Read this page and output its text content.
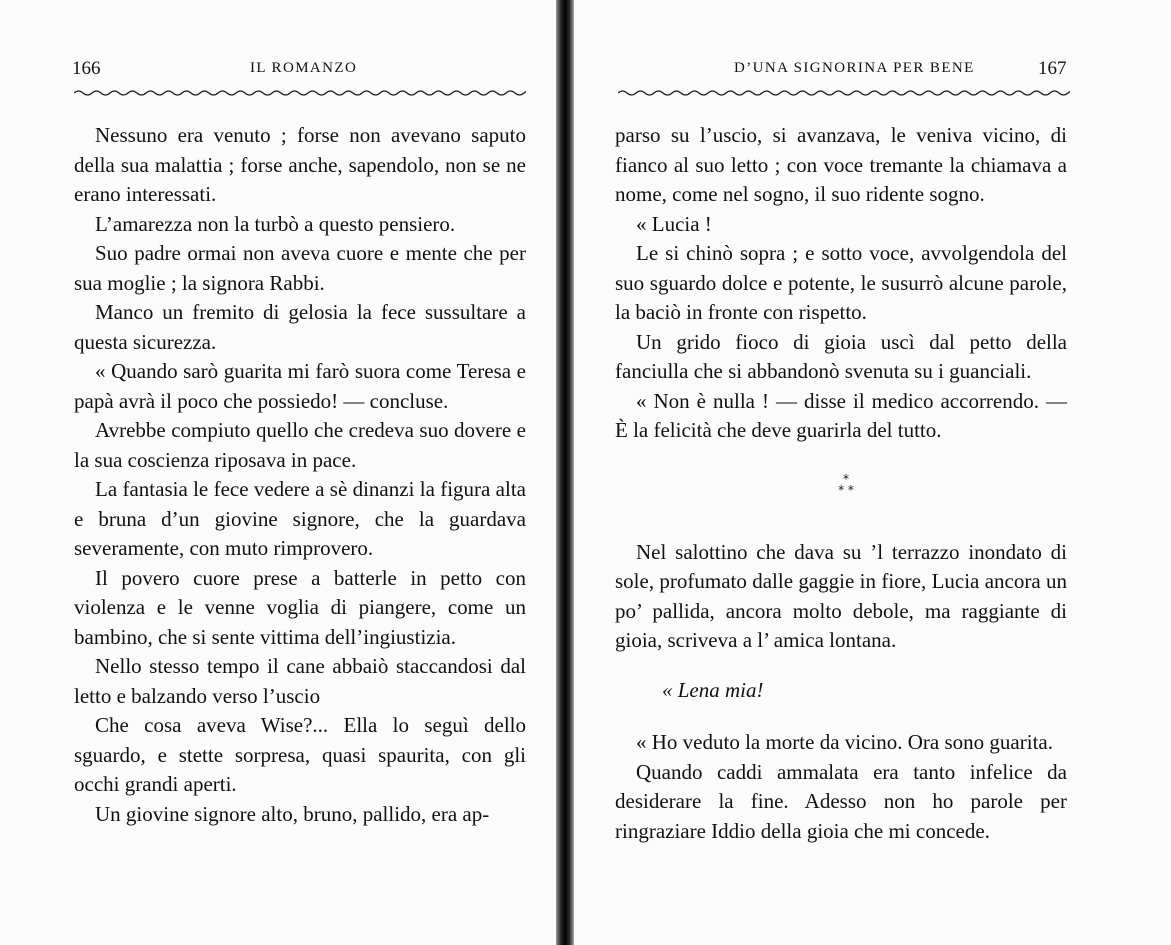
166	IL ROMANZO

Nessuno era venuto ; forse non avevano saputo della sua malattia ; forse anche, sapendolo, non se ne erano interessati.

L’amarezza non la turbò a questo pensiero.

Suo padre ormai non aveva cuore e mente che per sua moglie ; la signora Rabbi.

Manco un fremito di gelosia la fece sussultare a questa sicurezza.

« Quando sarò guarita mi farò suora come Teresa e papà avrà il poco che possiedo! — concluse.

Avrebbe compiuto quello che credeva suo dovere e la sua coscienza riposava in pace.

La fantasia le fece vedere a sè dinanzi la figura alta e bruna d’un giovine signore, che la guardava severamente, con muto rimprovero.

Il povero cuore prese a batterle in petto con violenza e le venne voglia di piangere, come un bambino, che si sente vittima dell’ingiustizia.

Nello stesso tempo il cane abbaiò staccandosi dal letto e balzando verso l’uscio

Che cosa aveva Wise?... Ella lo seguì dello sguardo, e stette sorpresa, quasi spaurita, con gli occhi grandi aperti.

Un giovine signore alto, bruno, pallido, era ap-

D’UNA SIGNORINA PER BENE	167

parso su l’uscio, si avanzava, le veniva vicino, di fianco al suo letto ; con voce tremante la chiamava a nome, come nel sogno, il suo ridente sogno.

« Lucia !

Le si chinò sopra ; e sotto voce, avvolgendola del suo sguardo dolce e potente, le susurrò alcune parole, la baciò in fronte con rispetto.

Un grido fioco di gioia uscì dal petto della fanciulla che si abbandonò svenuta su i guanciali.

« Non è nulla ! — disse il medico accorrendo. — È la felicità che deve guarirla del tutto.

*
* *

Nel salottino che dava su ’l terrazzo inondato di sole, profumato dalle gaggie in fiore, Lucia ancora un po’ pallida, ancora molto debole, ma raggiante di gioia, scriveva a l’ amica lontana.

« Lena mia!

« Ho veduto la morte da vicino. Ora sono guarita.

Quando caddi ammalata era tanto infelice da desiderare la fine. Adesso non ho parole per ringraziare Iddio della gioia che mi concede.
